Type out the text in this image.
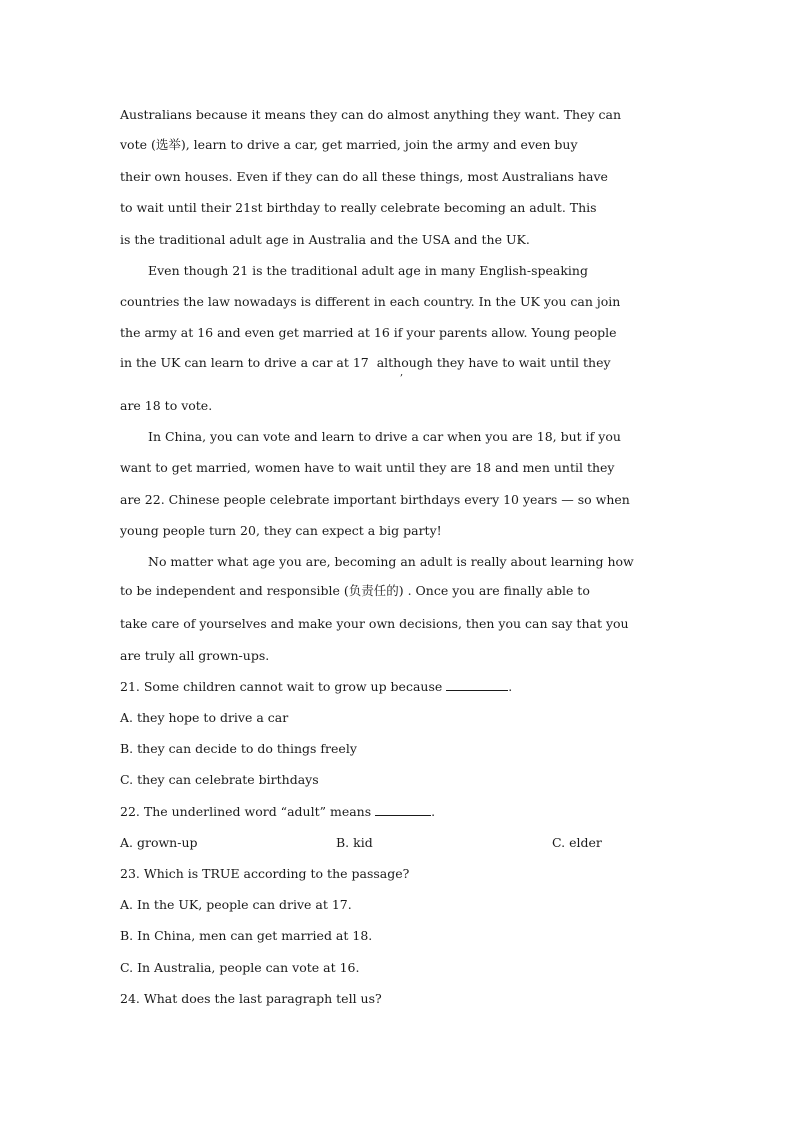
Australians because it means they can do almost anything they want. They can
vote (选举), learn to drive a car, get married, join the army and even buy
their own houses. Even if they can do all these things, most Australians have
to wait until their 21st birthday to really celebrate becoming an adult. This
is the traditional adult age in Australia and the USA and the UK.
Even though 21 is the traditional adult age in many English-speaking
countries the law nowadays is different in each country. In the UK you can join
the army at 16 and even get married at 16 if your parents allow. Young people
in the UK can learn to drive a car at 17  although they have to wait until they
,
are 18 to vote.
In China, you can vote and learn to drive a car when you are 18, but if you
want to get married, women have to wait until they are 18 and men until they
are 22. Chinese people celebrate important birthdays every 10 years — so when
young people turn 20, they can expect a big party!
No matter what age you are, becoming an adult is really about learning how
to be independent and responsible (负责任的) . Once you are finally able to
take care of yourselves and make your own decisions, then you can say that you
are truly all grown-ups.
21. Some children cannot wait to grow up because	.
A. they hope to drive a car
B. they can decide to do things freely
C. they can celebrate birthdays
22. The underlined word “adult” means	.
A. grown-up	B. kid	C. elder
23. Which is TRUE according to the passage?
A. In the UK, people can drive at 17.
B. In China, men can get married at 18.
C. In Australia, people can vote at 16.
24. What does the last paragraph tell us?
